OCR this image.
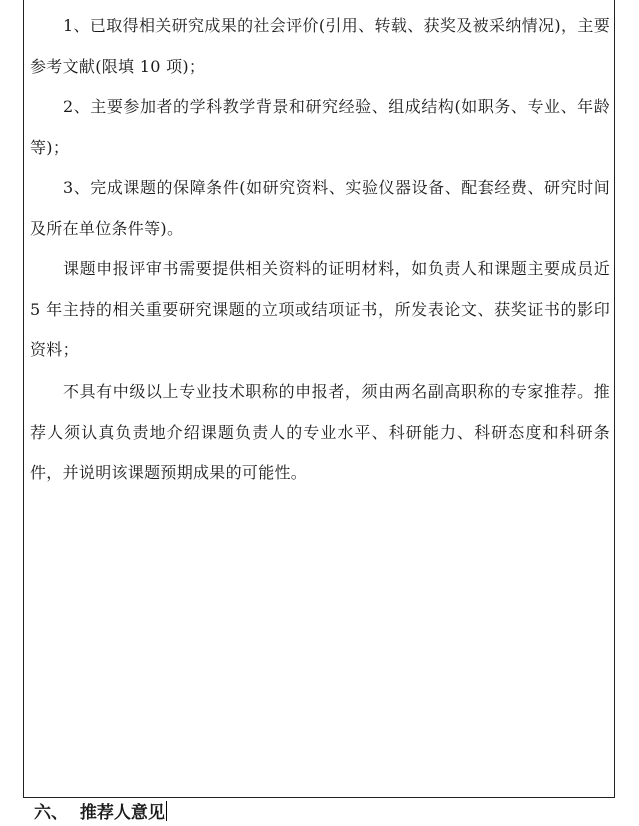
1、已取得相关研究成果的社会评价(引用、转载、获奖及被采纳情况)，主要参考文献(限填 10 项)；

2、主要参加者的学科教学背景和研究经验、组成结构(如职务、专业、年龄等)；

3、完成课题的保障条件(如研究资料、实验仪器设备、配套经费、研究时间及所在单位条件等)。

课题申报评审书需要提供相关资料的证明材料，如负责人和课题主要成员近 5 年主持的相关重要研究课题的立项或结项证书，所发表论文、获奖证书的影印资料；

不具有中级以上专业技术职称的申报者，须由两名副高职称的专家推荐。推荐人须认真负责地介绍课题负责人的专业水平、科研能力、科研态度和科研条件，并说明该课题预期成果的可能性。

六、  推荐人意见
